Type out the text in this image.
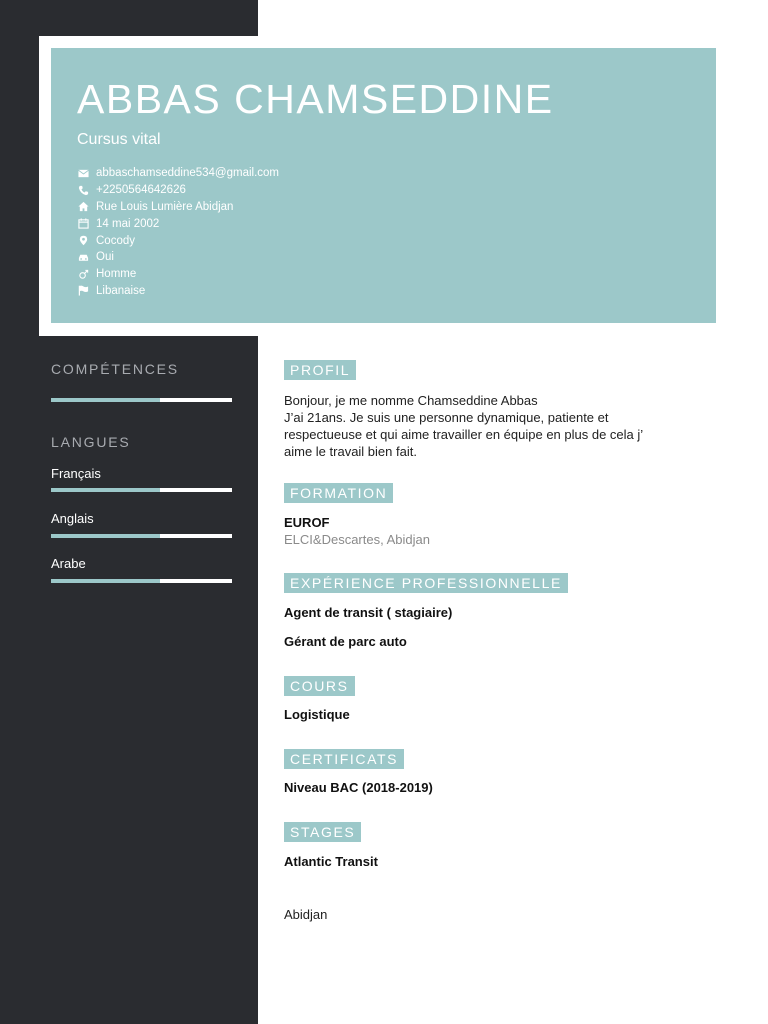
ABBAS CHAMSEDDINE
Cursus vital
abbaschamseddine534@gmail.com
+2250564642626
Rue Louis Lumière Abidjan
14 mai 2002
Cocody
Oui
Homme
Libanaise
COMPÉTENCES
LANGUES
Français
Anglais
Arabe
PROFIL
Bonjour, je me nomme Chamseddine Abbas
J’ai 21ans. Je suis une personne dynamique, patiente et
respectueuse et qui aime travailler en équipe en plus de cela j’
aime le travail bien fait.
FORMATION
EUROF
ELCI&Descartes, Abidjan
EXPÉRIENCE PROFESSIONNELLE
Agent de transit ( stagiaire)
Gérant de parc auto
COURS
Logistique
CERTIFICATS
Niveau BAC (2018-2019)
STAGES
Atlantic Transit
Abidjan
